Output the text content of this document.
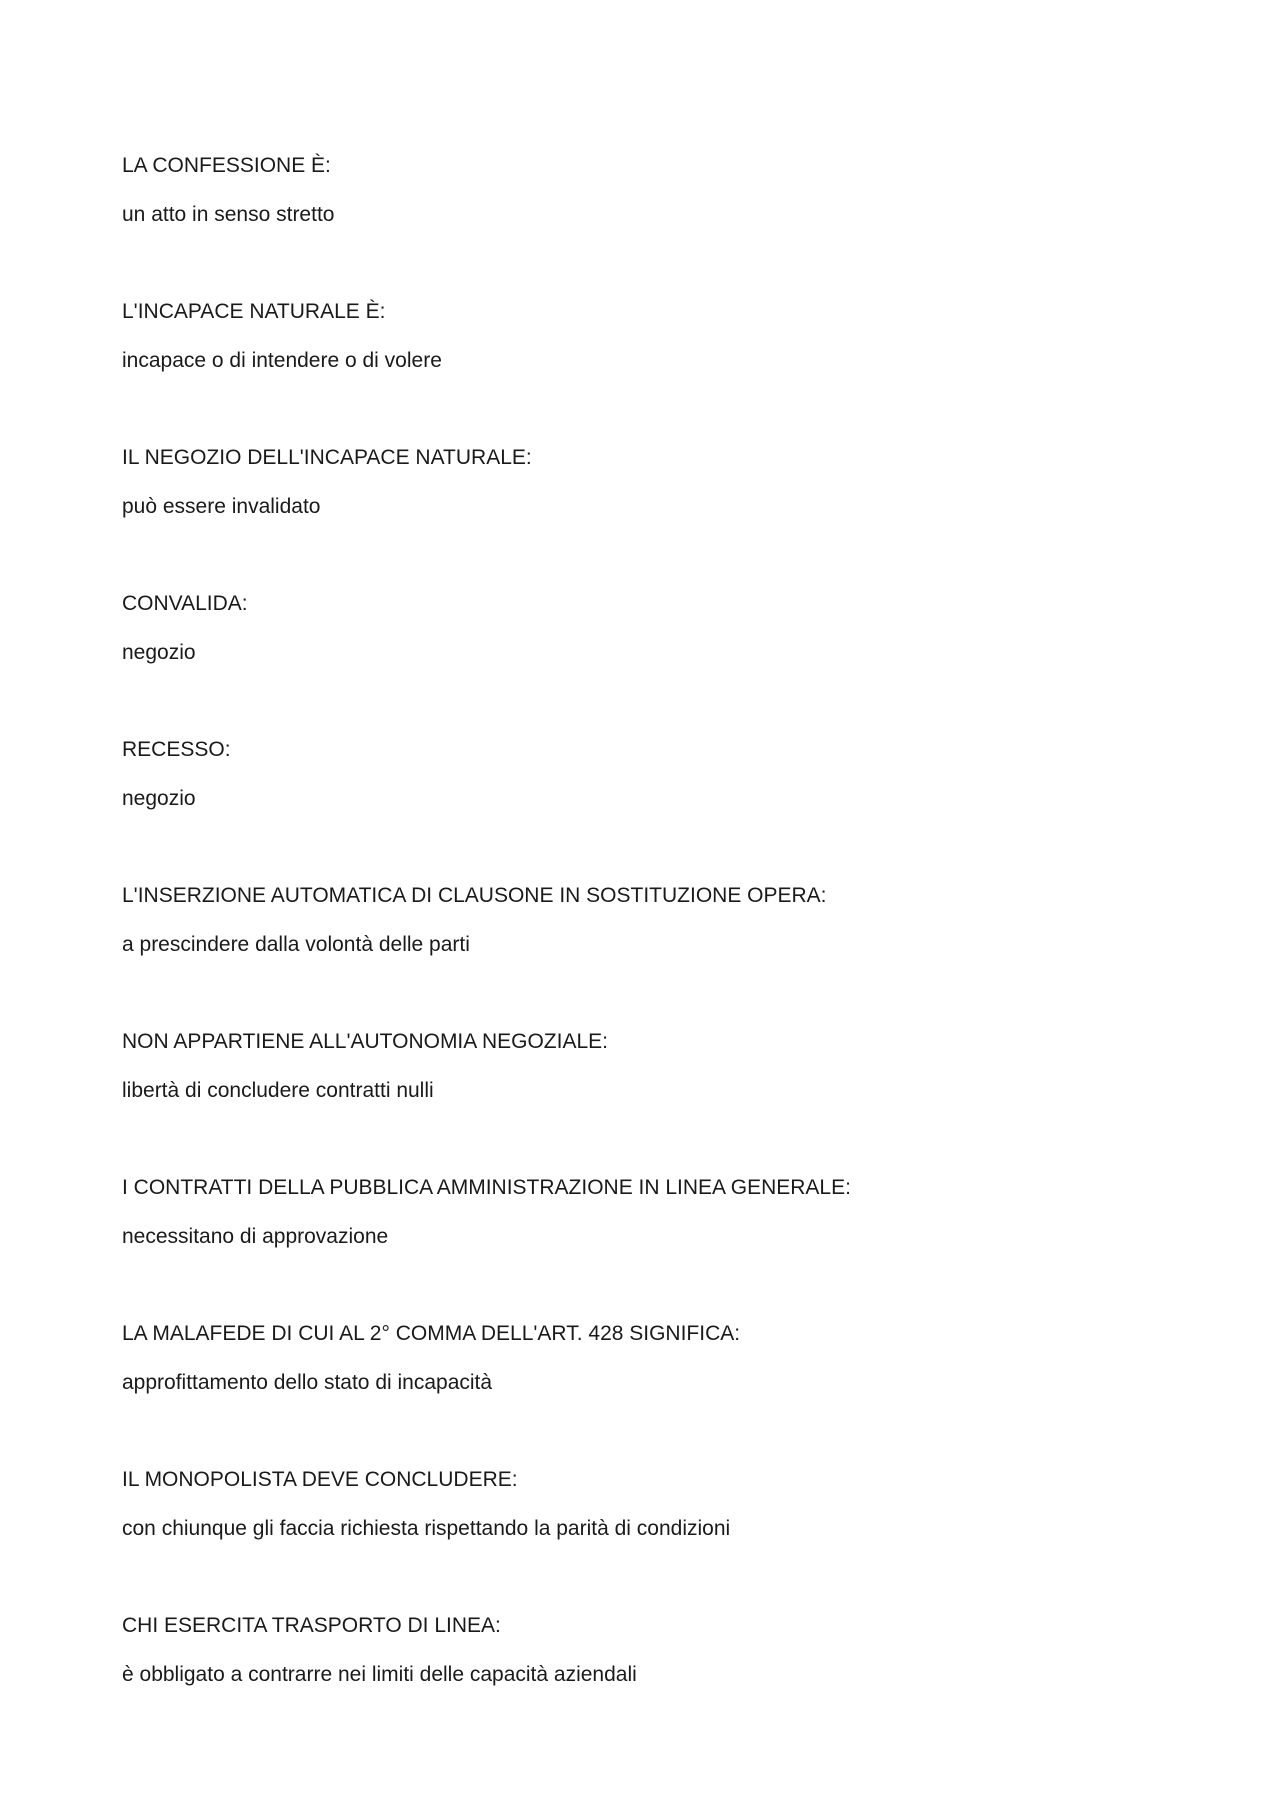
LA CONFESSIONE È:
un atto in senso stretto
L'INCAPACE NATURALE È:
incapace o di intendere o di volere
IL NEGOZIO DELL'INCAPACE NATURALE:
può essere invalidato
CONVALIDA:
negozio
RECESSO:
negozio
L'INSERZIONE AUTOMATICA DI CLAUSONE IN SOSTITUZIONE OPERA:
a prescindere dalla volontà delle parti
NON APPARTIENE ALL'AUTONOMIA NEGOZIALE:
libertà di concludere contratti nulli
I CONTRATTI DELLA PUBBLICA AMMINISTRAZIONE IN LINEA GENERALE:
necessitano di approvazione
LA MALAFEDE DI CUI AL 2° COMMA DELL'ART. 428 SIGNIFICA:
approfittamento dello stato di incapacità
IL MONOPOLISTA DEVE CONCLUDERE:
con chiunque gli faccia richiesta rispettando la parità di condizioni
CHI ESERCITA TRASPORTO DI LINEA:
è obbligato a contrarre nei limiti delle capacità aziendali
